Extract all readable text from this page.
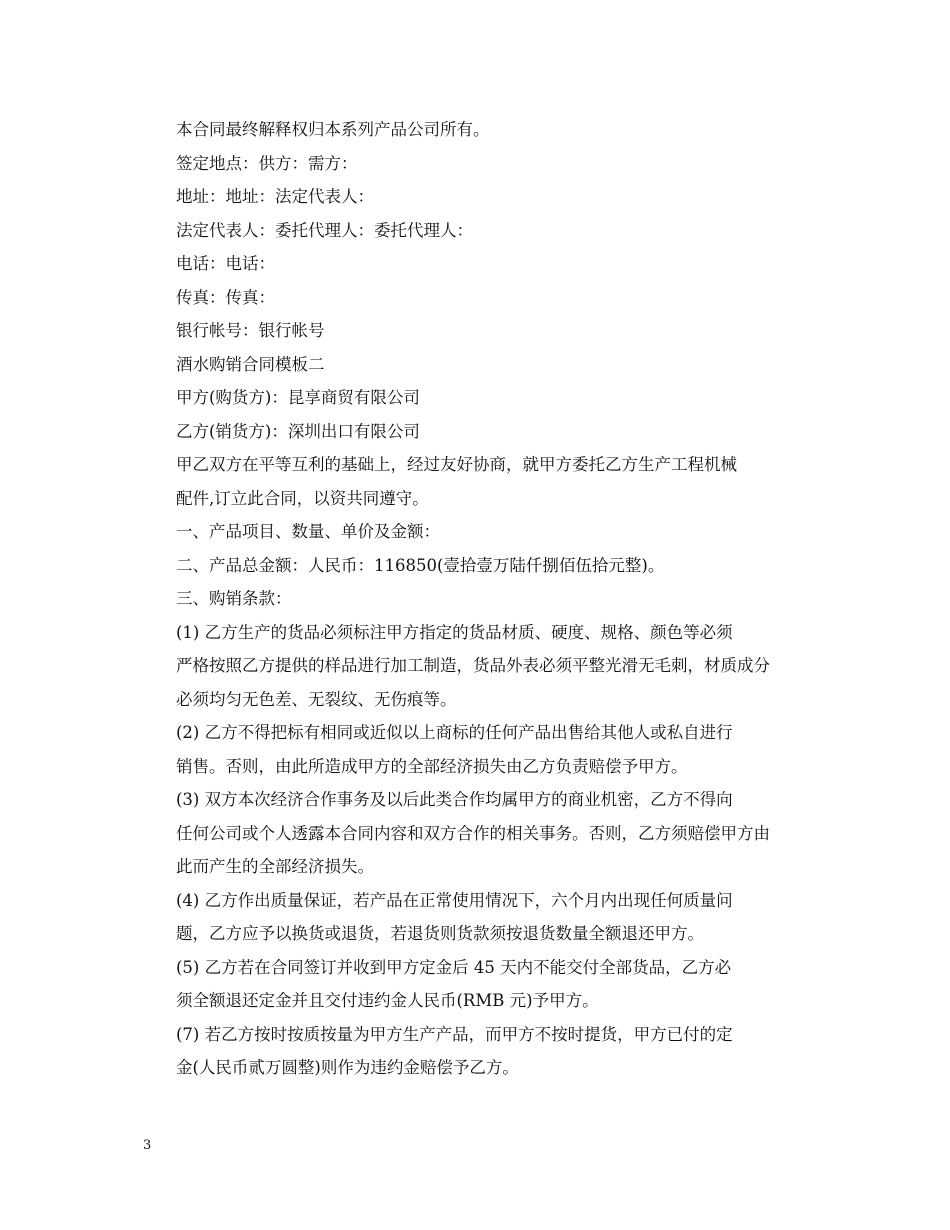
本合同最终解释权归本系列产品公司所有。

签定地点：供方：需方：

地址：地址：法定代表人：

法定代表人：委托代理人：委托代理人：

电话：电话：

传真：传真：

银行帐号：银行帐号

酒水购销合同模板二

甲方(购货方)：昆享商贸有限公司

乙方(销货方)：深圳出口有限公司

甲乙双方在平等互利的基础上，经过友好协商，就甲方委托乙方生产工程机械
配件,订立此合同，以资共同遵守。

一、产品项目、数量、单价及金额：

二、产品总金额：人民币：116850(壹拾壹万陆仟捌佰伍拾元整)。

三、购销条款：

(1) 乙方生产的货品必须标注甲方指定的货品材质、硬度、规格、颜色等必须
严格按照乙方提供的样品进行加工制造，货品外表必须平整光滑无毛刺，材质成分
必须均匀无色差、无裂纹、无伤痕等。
(2) 乙方不得把标有相同或近似以上商标的任何产品出售给其他人或私自进行
销售。否则，由此所造成甲方的全部经济损失由乙方负责赔偿予甲方。
(3) 双方本次经济合作事务及以后此类合作均属甲方的商业机密，乙方不得向
任何公司或个人透露本合同内容和双方合作的相关事务。否则，乙方须赔偿甲方由
此而产生的全部经济损失。
(4) 乙方作出质量保证，若产品在正常使用情况下，六个月内出现任何质量问
题，乙方应予以换货或退货，若退货则货款须按退货数量全额退还甲方。
(5) 乙方若在合同签订并收到甲方定金后 45 天内不能交付全部货品，乙方必
须全额退还定金并且交付违约金人民币(RMB 元)予甲方。
(7) 若乙方按时按质按量为甲方生产产品，而甲方不按时提货，甲方已付的定
金(人民币贰万圆整)则作为违约金赔偿予乙方。
3
